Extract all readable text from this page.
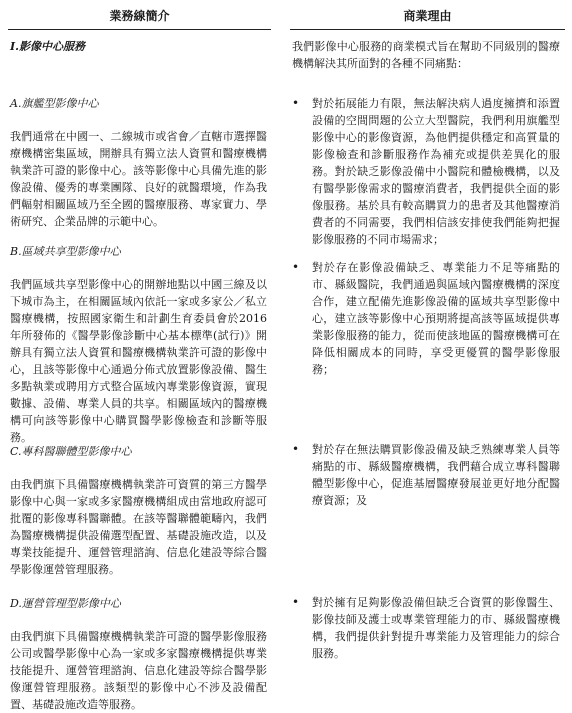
業務線簡介	商業理由
I.影像中心服務	我們影像中心服務的商業模式旨在幫助不同級別的醫療機構解決其所面對的各種不同痛點：
A.旗艦型影像中心
我們通常在中國一、二線城市或省會／直轄市選擇醫療機構密集區域，開辦具有獨立法人資質和醫療機構執業許可證的影像中心。該等影像中心具備先進的影像設備、優秀的專業團隊、良好的就醫環境，作為我們輻射相關區域乃至全國的醫療服務、專家實力、學術研究、企業品牌的示範中心。
•	對於拓展能力有限，無法解決病人過度擁擠和添置設備的空間問題的公立大型醫院，我們利用旗艦型影像中心的影像資源，為他們提供穩定和高質量的影像檢查和診斷服務作為補充或提供差異化的服務。對於缺乏影像設備中小醫院和體檢機構，以及有醫學影像需求的醫療消費者，我們提供全面的影像服務。基於具有較高購買力的患者及其他醫療消費者的不同需要，我們相信該安排使我們能夠把握影像服務的不同市場需求；
B.區域共享型影像中心
我們區域共享型影像中心的開辦地點以中國三線及以下城市為主，在相關區域內依託一家或多家公／私立醫療機構，按照國家衛生和計劃生育委員會於2016年所發佈的《醫學影像診斷中心基本標準(試行)》開辦具有獨立法人資質和醫療機構執業許可證的影像中心，且該等影像中心通過分佈式放置影像設備、醫生多點執業或聘用方式整合區域內專業影像資源，實現數據、設備、專業人員的共享。相關區域內的醫療機構可向該等影像中心購買醫學影像檢查和診斷等服務。
•	對於存在影像設備缺乏、專業能力不足等痛點的市、縣級醫院，我們通過與區域內醫療機構的深度合作，建立配備先進影像設備的區域共享型影像中心，建立該等影像中心預期將提高該等區域提供專業影像服務的能力，從而使該地區的醫療機構可在降低相關成本的同時，享受更優質的醫學影像服務；
C.專科醫聯體型影像中心
由我們旗下具備醫療機構執業許可資質的第三方醫學影像中心與一家或多家醫療機構組成由當地政府認可批覆的影像專科醫聯體。在該等醫聯體範疇內，我們為醫療機構提供設備選型配置、基礎設施改造，以及專業技能提升、運營管理諮詢、信息化建設等綜合醫學影像運營管理服務。
•	對於存在無法購買影像設備及缺乏熟練專業人員等痛點的市、縣級醫療機構，我們藉合成立專科醫聯體型影像中心，促進基層醫療發展並更好地分配醫療資源；及
D.運營管理型影像中心
由我們旗下具備醫療機構執業許可證的醫學影像服務公司或醫學影像中心為一家或多家醫療機構提供專業技能提升、運營管理諮詢、信息化建設等綜合醫學影像運營管理服務。該類型的影像中心不涉及設備配置、基礎設施改造等服務。
•	對於擁有足夠影像設備但缺乏合資質的影像醫生、影像技師及護士或專業管理能力的市、縣級醫療機構，我們提供針對提升專業能力及管理能力的綜合服務。
